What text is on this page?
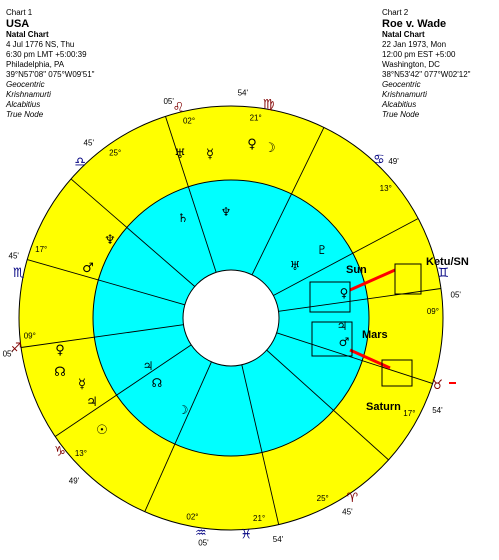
Chart 1
USA
Natal Chart
4 Jul 1776 NS, Thu
6:30 pm LMT +5:00:39
Philadelphia, PA
39°N57'08" 075°W09'51"
Geocentric
Krishnamurti
Alcabitius
True Node
Chart 2
Roe v. Wade
Natal Chart
22 Jan 1973, Mon
12:00 pm EST +5:00
Washington, DC
38°N53'42" 077°W02'12"
Geocentric
Krishnamurti
Alcabitius
True Node
♍
♋
♊
♉
♈
♓
♒
♑
♐
♏
♎
♌
21°
54'
13°
49'
09°
05'
17° 54'
25°
45'
21°
54'
02°
05'
13°
49'
09°
05'
17°
45'
25°
45'
02°
05'
♀
♅ ☿	☽
♆
♂
♀
☊
☿
♃
☉
♄	♆
♇
♅
♀
♃
♂
♃
☊
☽
Ketu/SN
Sun
Mars
Saturn
